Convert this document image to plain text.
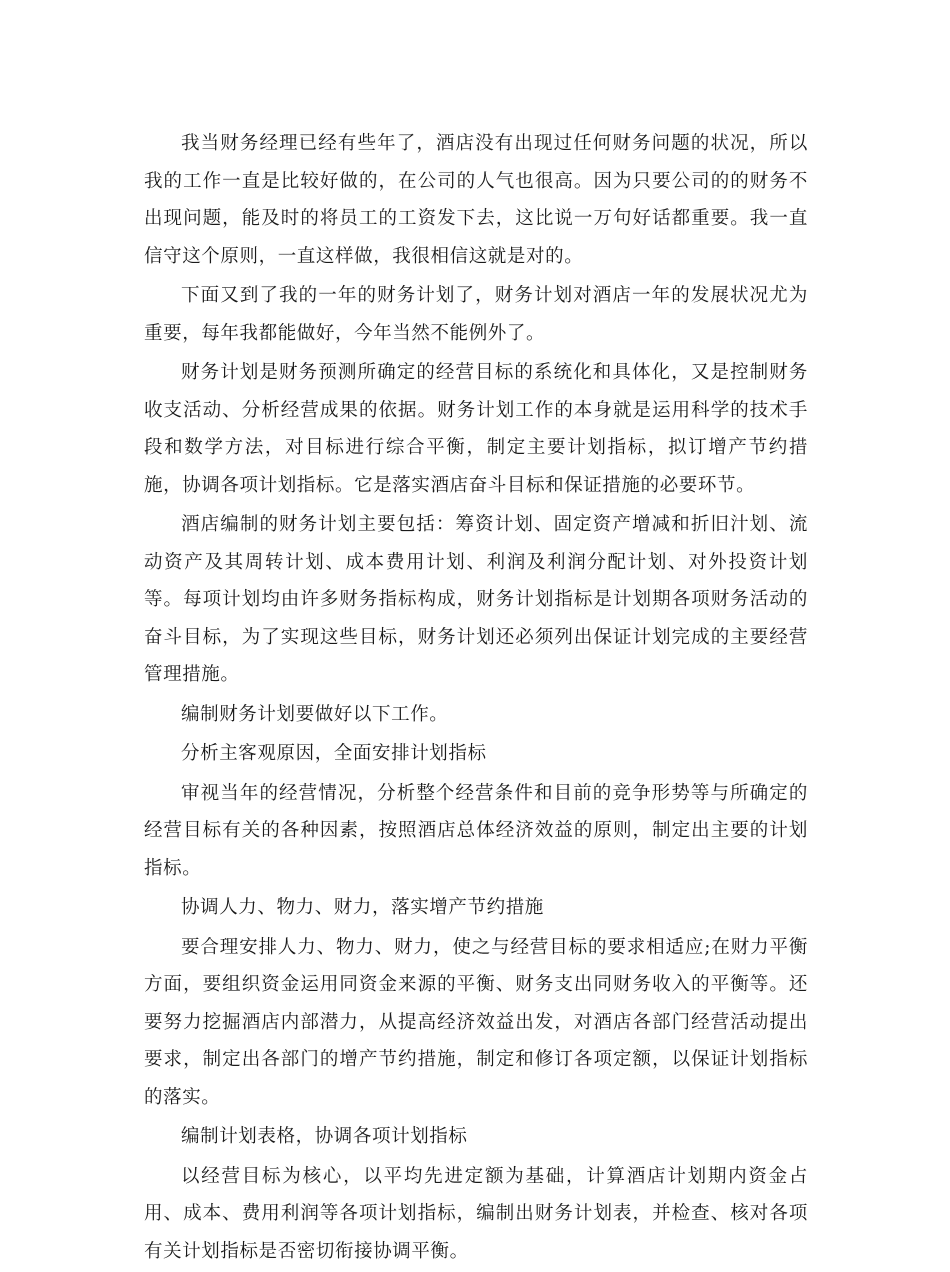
我当财务经理已经有些年了，酒店没有出现过任何财务问题的状况，所以我的工作一直是比较好做的，在公司的人气也很高。因为只要公司的的财务不出现问题，能及时的将员工的工资发下去，这比说一万句好话都重要。我一直信守这个原则，一直这样做，我很相信这就是对的。

下面又到了我的一年的财务计划了，财务计划对酒店一年的发展状况尤为重要，每年我都能做好，今年当然不能例外了。

财务计划是财务预测所确定的经营目标的系统化和具体化，又是控制财务收支活动、分析经营成果的依据。财务计划工作的本身就是运用科学的技术手段和数学方法，对目标进行综合平衡，制定主要计划指标，拟订增产节约措施，协调各项计划指标。它是落实酒店奋斗目标和保证措施的必要环节。

酒店编制的财务计划主要包括：筹资计划、固定资产增减和折旧汁划、流动资产及其周转计划、成本费用计划、利润及利润分配计划、对外投资计划等。每项计划均由许多财务指标构成，财务计划指标是计划期各项财务活动的奋斗目标，为了实现这些目标，财务计划还必须列出保证计划完成的主要经营管理措施。

编制财务计划要做好以下工作。

分析主客观原因，全面安排计划指标

审视当年的经营情况，分析整个经营条件和目前的竞争形势等与所确定的经营目标有关的各种因素，按照酒店总体经济效益的原则，制定出主要的计划指标。

协调人力、物力、财力，落实增产节约措施

要合理安排人力、物力、财力，使之与经营目标的要求相适应;在财力平衡方面，要组织资金运用同资金来源的平衡、财务支出同财务收入的平衡等。还要努力挖掘酒店内部潜力，从提高经济效益出发，对酒店各部门经营活动提出要求，制定出各部门的增产节约措施，制定和修订各项定额，以保证计划指标的落实。

编制计划表格，协调各项计划指标

以经营目标为核心，以平均先进定额为基础，计算酒店计划期内资金占用、成本、费用利润等各项计划指标，编制出财务计划表，并检查、核对各项有关计划指标是否密切衔接协调平衡。
